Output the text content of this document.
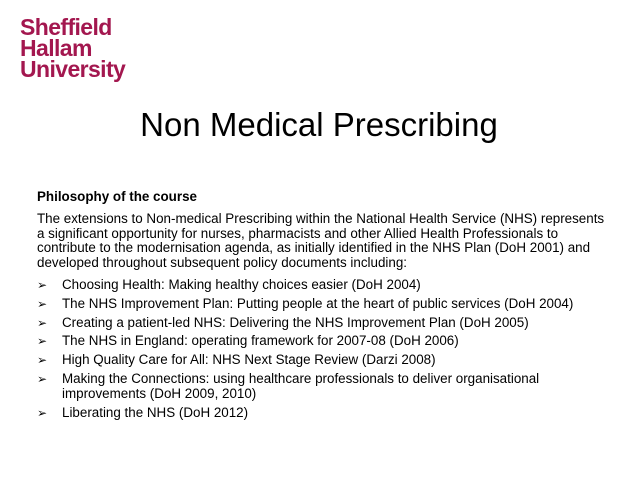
Sheffield
Hallam
University
Non Medical Prescribing
Philosophy of the course
The extensions to Non-medical Prescribing within the National Health Service (NHS) represents a significant opportunity for nurses, pharmacists and other Allied Health Professionals to contribute to the modernisation agenda, as initially identified in the NHS Plan (DoH 2001) and developed throughout subsequent policy documents including:
➢ Choosing Health: Making healthy choices easier (DoH 2004)
➢ The NHS Improvement Plan: Putting people at the heart of public services (DoH 2004)
➢ Creating a patient-led NHS: Delivering the NHS Improvement Plan (DoH 2005)
➢ The NHS in England: operating framework for 2007-08 (DoH 2006)
➢ High Quality Care for All: NHS Next Stage Review (Darzi 2008)
➢ Making the Connections: using healthcare professionals to deliver organisational improvements (DoH 2009, 2010)
➢ Liberating the NHS (DoH 2012)
